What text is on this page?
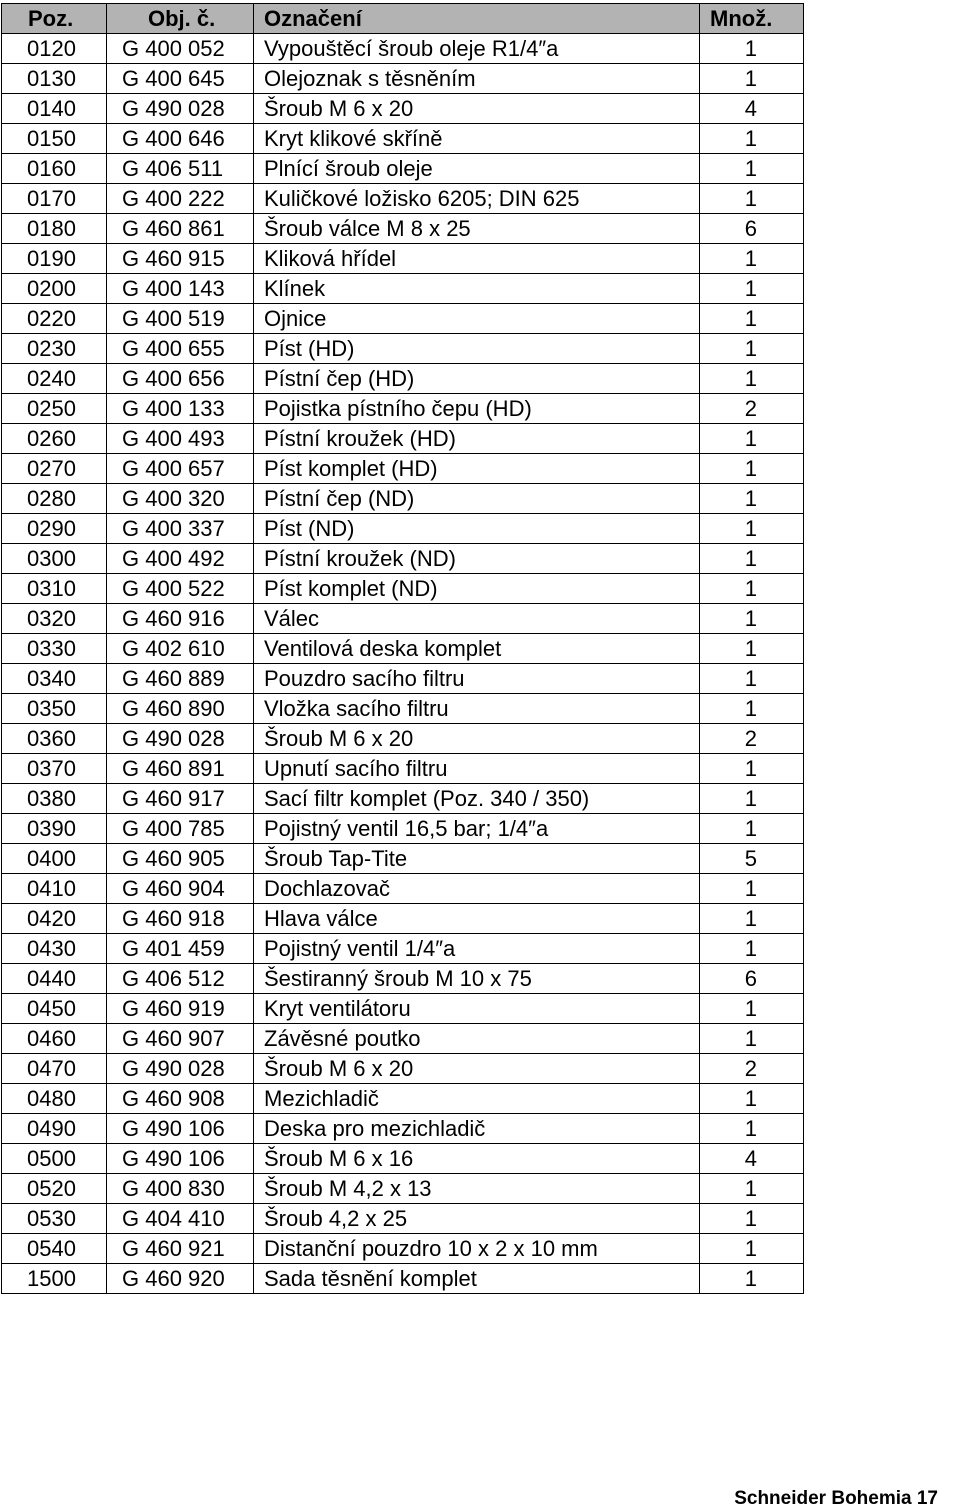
Poz.	Obj. č.	Označení	Množ.
0120	G 400 052	Vypouštěcí šroub oleje R1/4″a	1
0130	G 400 645	Olejoznak s těsněním	1
0140	G 490 028	Šroub M 6 x 20	4
0150	G 400 646	Kryt klikové skříně	1
0160	G 406 511	Plnící šroub oleje	1
0170	G 400 222	Kuličkové ložisko 6205; DIN 625	1
0180	G 460 861	Šroub válce M 8 x 25	6
0190	G 460 915	Kliková hřídel	1
0200	G 400 143	Klínek	1
0220	G 400 519	Ojnice	1
0230	G 400 655	Píst (HD)	1
0240	G 400 656	Pístní čep (HD)	1
0250	G 400 133	Pojistka pístního čepu (HD)	2
0260	G 400 493	Pístní kroužek (HD)	1
0270	G 400 657	Píst komplet (HD)	1
0280	G 400 320	Pístní čep (ND)	1
0290	G 400 337	Píst (ND)	1
0300	G 400 492	Pístní kroužek (ND)	1
0310	G 400 522	Píst komplet (ND)	1
0320	G 460 916	Válec	1
0330	G 402 610	Ventilová deska komplet	1
0340	G 460 889	Pouzdro sacího filtru	1
0350	G 460 890	Vložka sacího filtru	1
0360	G 490 028	Šroub M 6 x 20	2
0370	G 460 891	Upnutí sacího filtru	1
0380	G 460 917	Sací filtr komplet (Poz. 340 / 350)	1
0390	G 400 785	Pojistný ventil 16,5 bar; 1/4″a	1
0400	G 460 905	Šroub Tap-Tite	5
0410	G 460 904	Dochlazovač	1
0420	G 460 918	Hlava válce	1
0430	G 401 459	Pojistný ventil 1/4″a	1
0440	G 406 512	Šestiranný šroub M 10 x 75	6
0450	G 460 919	Kryt ventilátoru	1
0460	G 460 907	Závěsné poutko	1
0470	G 490 028	Šroub M 6 x 20	2
0480	G 460 908	Mezichladič	1
0490	G 490 106	Deska pro mezichladič	1
0500	G 490 106	Šroub M 6 x 16	4
0520	G 400 830	Šroub M 4,2 x 13	1
0530	G 404 410	Šroub 4,2 x 25	1
0540	G 460 921	Distanční pouzdro 10 x 2 x 10 mm	1
1500	G 460 920	Sada těsnění komplet	1
Schneider Bohemia 17
